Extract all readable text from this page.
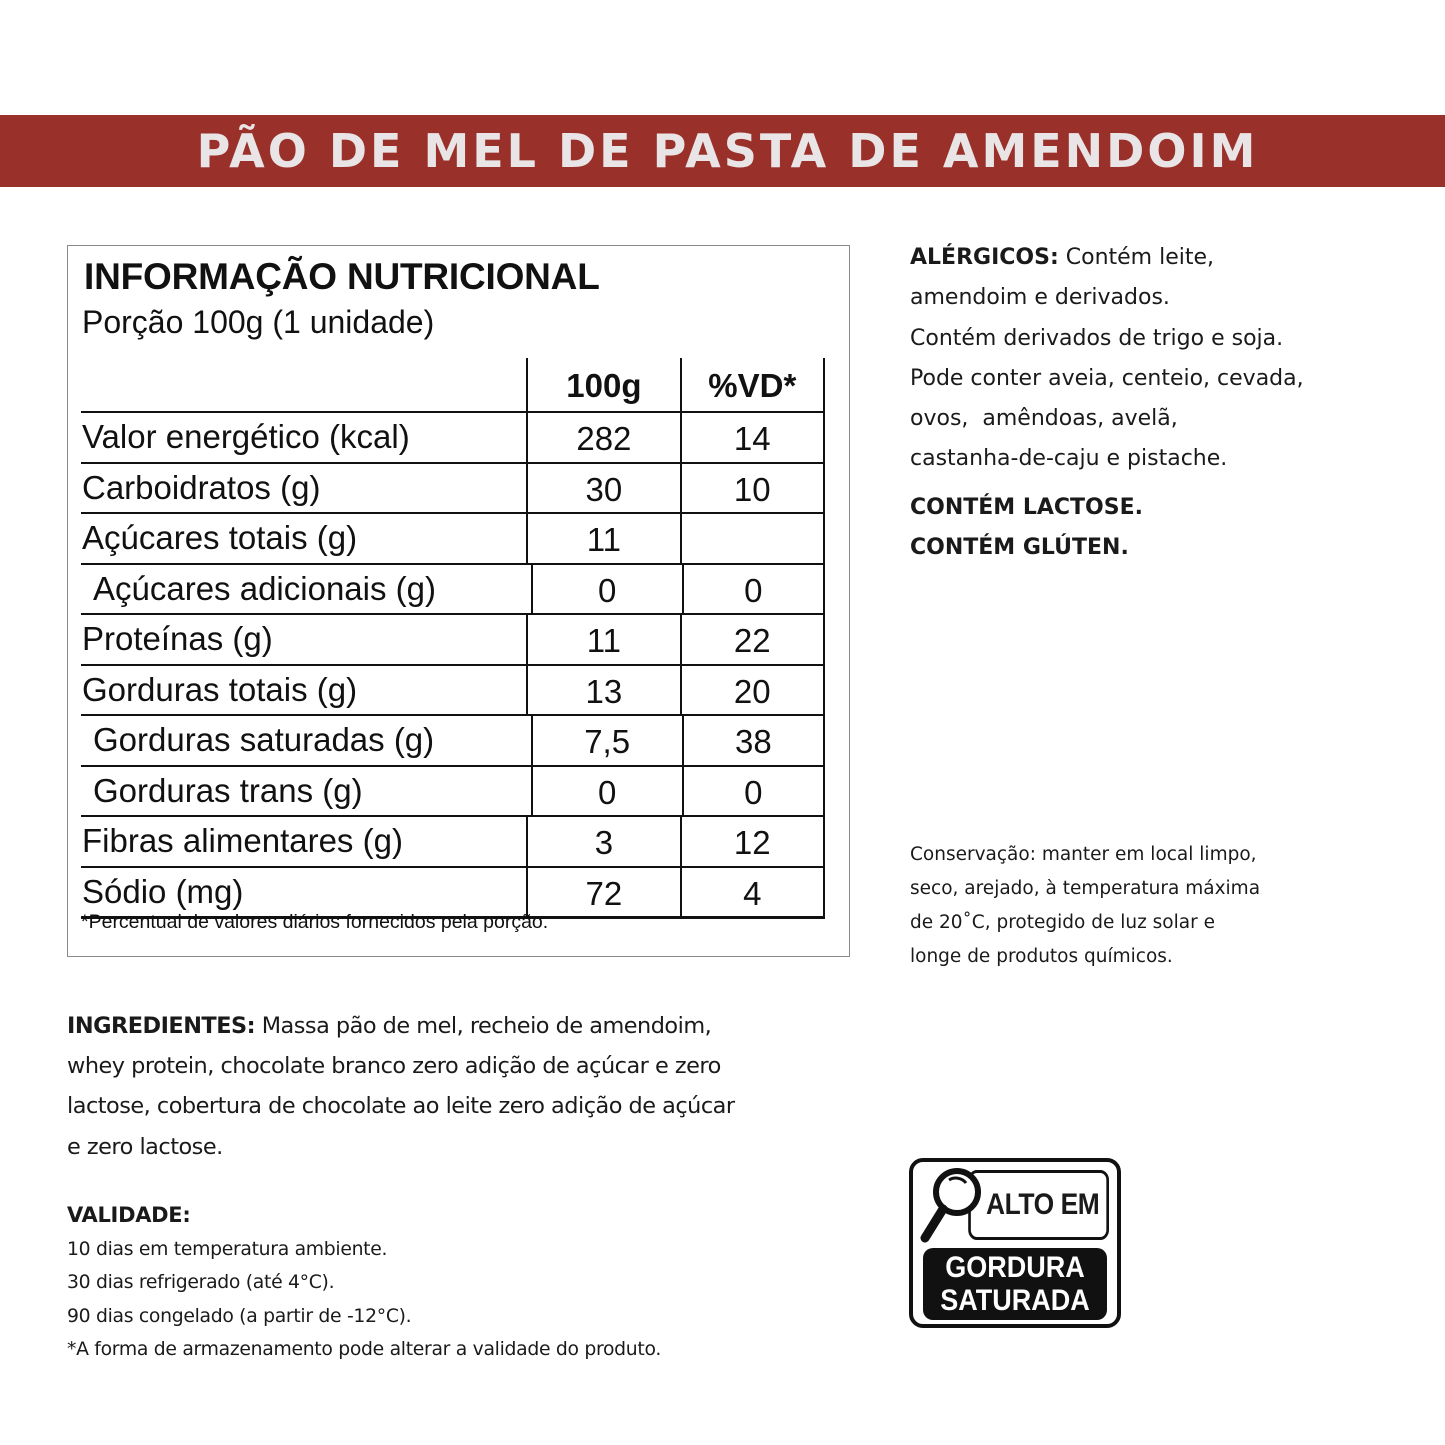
PÃO DE MEL DE PASTA DE AMENDOIM
INFORMAÇÃO NUTRICIONAL
Porção 100g (1 unidade)
100g	%VD*
Valor energético (kcal)	282	14
Carboidratos (g)	30	10
Açúcares totais (g)	11
Açúcares adicionais (g)	0	0
Proteínas (g)	11	22
Gorduras totais (g)	13	20
Gorduras saturadas (g)	7,5	38
Gorduras trans (g)	0	0
Fibras alimentares (g)	3	12
Sódio (mg)	72	4
*Percentual de valores diários fornecidos pela porção.
ALÉRGICOS: Contém leite,
amendoim e derivados.
Contém derivados de trigo e soja.
Pode conter aveia, centeio, cevada,
ovos,  amêndoas, avelã,
castanha-de-caju e pistache.
CONTÉM LACTOSE.
CONTÉM GLÚTEN.
Conservação: manter em local limpo,
seco, arejado, à temperatura máxima
de 20˚C, protegido de luz solar e
longe de produtos químicos.
INGREDIENTES: Massa pão de mel, recheio de amendoim,
whey protein, chocolate branco zero adição de açúcar e zero
lactose, cobertura de chocolate ao leite zero adição de açúcar
e zero lactose.
VALIDADE:
10 dias em temperatura ambiente.
30 dias refrigerado (até 4°C).
90 dias congelado (a partir de -12°C).
*A forma de armazenamento pode alterar a validade do produto.
ALTO EM
GORDURA
SATURADA
